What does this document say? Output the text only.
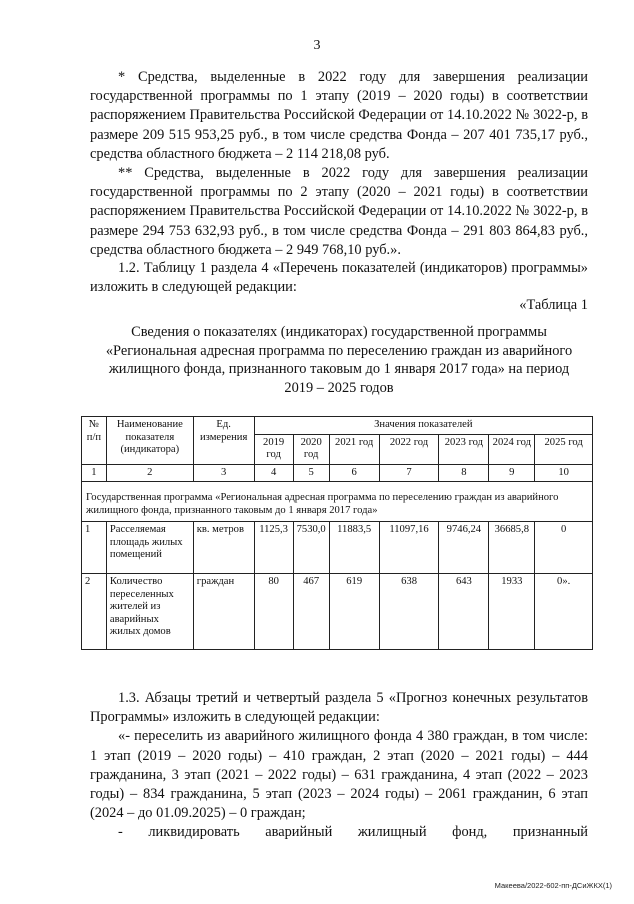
3

* Средства, выделенные в 2022 году для завершения реализации государственной программы по 1 этапу (2019 – 2020 годы) в соответствии распоряжением Правительства Российской Федерации от 14.10.2022 № 3022-р, в размере 209 515 953,25 руб., в том числе средства Фонда – 207 401 735,17 руб., средства областного бюджета – 2 114 218,08 руб.

** Средства, выделенные в 2022 году для завершения реализации государственной программы по 2 этапу (2020 – 2021 годы) в соответствии распоряжением Правительства Российской Федерации от 14.10.2022 № 3022-р, в размере 294 753 632,93 руб., в том числе средства Фонда – 291 803 864,83 руб., средства областного бюджета – 2 949 768,10 руб.».

1.2. Таблицу 1 раздела 4 «Перечень показателей (индикаторов) программы» изложить в следующей редакции:

«Таблица 1
Сведения о показателях (индикаторах) государственной программы «Региональная адресная программа по переселению граждан из аварийного жилищного фонда, признанного таковым до 1 января 2017 года» на период 2019 – 2025 годов
№ п/п	Наименование показателя (индикатора)	Ед. измерения	Значения показателей						
			2019 год	2020 год	2021 год	2022 год	2023 год	2024 год	2025 год
1	2	3	4	5	6	7	8	9	10
Государственная программа «Региональная адресная программа по переселению граждан из аварийного жилищного фонда, признанного таковым до 1 января 2017 года»									
1	Расселяемая площадь жилых помещений	кв. метров	1125,3	7530,0	11883,5	11097,16	9746,24	36685,8	0
2	Количество переселенных жителей из аварийных жилых домов	граждан	80	467	619	638	643	1933	0».

1.3. Абзацы третий и четвертый раздела 5 «Прогноз конечных результатов Программы» изложить в следующей редакции:

«- переселить из аварийного жилищного фонда 4 380 граждан, в том числе: 1 этап (2019 – 2020 годы) – 410 граждан, 2 этап (2020 – 2021 годы) – 444 гражданина, 3 этап (2021 – 2022 годы) – 631 гражданина, 4 этап (2022 – 2023 годы) – 834 гражданина, 5 этап (2023 – 2024 годы) – 2061 гражданин, 6 этап (2024 – до 01.09.2025) – 0 граждан;

- ликвидировать аварийный жилищный фонд, признанный

Макеева/2022-602-пп-ДСиЖКХ(1)
